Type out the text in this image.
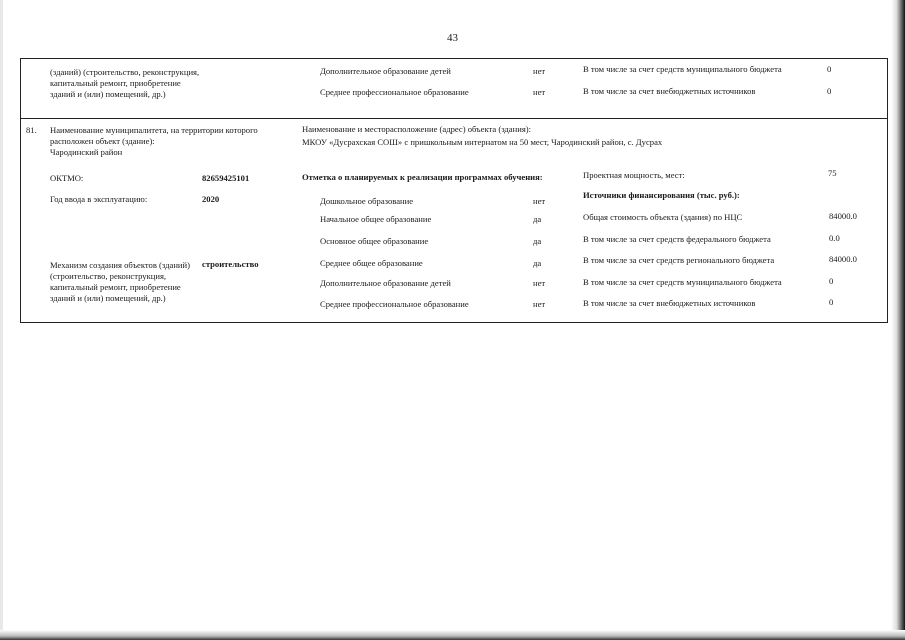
43
(зданий) (строительство, реконструкция, капитальный ремонт, приобретение зданий и (или) помещений, др.)
Дополнительное образование детей	нет
Среднее профессиональное образование	нет
В том числе за счет средств муниципального бюджета	0
В том числе за счет внебюджетных источников	0
81. Наименование муниципалитета, на территории которого расположен объект (здание):
Чародинский район
Наименование и месторасположение (адрес) объекта (здания):
МКОУ «Дусрахская СОШ» с пришкольным интернатом на 50 мест, Чародинский район, с. Дусрах
ОКТМО:	82659425101
Год ввода в эксплуатацию:	2020
Механизм создания объектов (зданий) (строительство, реконструкция, капитальный ремонт, приобретение зданий и (или) помещений, др.)
строительство
Отметка о планируемых к реализации программах обучения:
Дошкольное образование	нет
Начальное общее образование	да
Основное общее образование	да
Среднее общее образование	да
Дополнительное образование детей	нет
Среднее профессиональное образование	нет
Проектная мощность, мест:	75
Источники финансирования (тыс. руб.):
Общая стоимость объекта (здания) по НЦС	84000.0
В том числе за счет средств федерального бюджета	0.0
В том числе за счет средств регионального бюджета	84000.0
В том числе за счет средств муниципального бюджета	0
В том числе за счет внебюджетных источников	0
